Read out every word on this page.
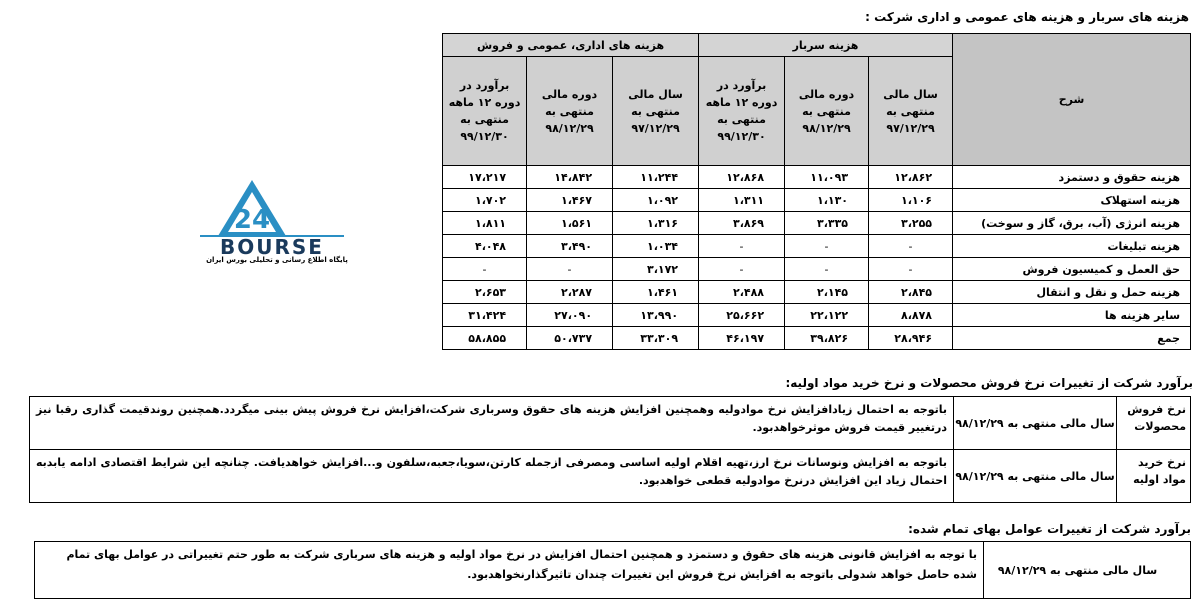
هزینه های سربار و هزینه های عمومی و اداری شرکت :
شرح	هزینه سربار			هزینه های اداری، عمومی و فروش		
	سال مالی منتهی به ۹۷/۱۲/۲۹	دوره مالی منتهی به ۹۸/۱۲/۲۹	برآورد در دوره ۱۲ ماهه منتهی به ۹۹/۱۲/۳۰	سال مالی منتهی به ۹۷/۱۲/۲۹	دوره مالی منتهی به ۹۸/۱۲/۲۹	برآورد در دوره ۱۲ ماهه منتهی به ۹۹/۱۲/۳۰
هزینه حقوق و دستمزد	۱۲،۸۶۲	۱۱،۰۹۳	۱۲،۸۶۸	۱۱،۲۴۴	۱۴،۸۴۲	۱۷،۲۱۷
هزینه استهلاک	۱،۱۰۶	۱،۱۳۰	۱،۳۱۱	۱،۰۹۲	۱،۴۶۷	۱،۷۰۲
هزینه انرژی (آب، برق، گاز و سوخت)	۳،۲۵۵	۳،۳۳۵	۳،۸۶۹	۱،۳۱۶	۱،۵۶۱	۱،۸۱۱
هزینه تبلیغات	-	-	-	۱،۰۳۴	۳،۴۹۰	۴،۰۴۸
حق العمل و کمیسیون فروش	-	-	-	۳،۱۷۲	-	-
هزینه حمل و نقل و انتقال	۲،۸۴۵	۲،۱۴۵	۲،۴۸۸	۱،۴۶۱	۲،۲۸۷	۲،۶۵۳
سایر هزینه ها	۸،۸۷۸	۲۲،۱۲۲	۲۵،۶۶۲	۱۳،۹۹۰	۲۷،۰۹۰	۳۱،۴۲۴
جمع	۲۸،۹۴۶	۳۹،۸۲۶	۴۶،۱۹۷	۳۳،۳۰۹	۵۰،۷۳۷	۵۸،۸۵۵
24
BOURSE
پایگاه اطلاع رسانی و تحلیلی بورس ایران
برآورد شرکت از تغییرات نرخ فروش محصولات و نرخ خرید مواد اولیه:
نرخ فروش محصولات	سال مالی منتهی به ۹۸/۱۲/۲۹	باتوجه به احتمال زیادافزایش نرخ موادولیه وهمچنین افزایش هزینه های حقوق وسرباری شرکت،افزایش نرخ فروش پیش بینی میگردد.همچنین روندقیمت گذاری رقبا نیز درتغییر قیمت فروش موثرخواهدبود.
نرخ خرید مواد اولیه	سال مالی منتهی به ۹۸/۱۲/۲۹	باتوجه به افزایش ونوسانات نرخ ارز،تهیه اقلام اولیه اساسی ومصرفی ازجمله کارتن،سویا،جعبه،سلفون و...افزایش خواهدیافت. چنانچه این شرایط اقتصادی ادامه یابدبه احتمال زیاد این افزایش درنرخ موادولیه قطعی خواهدبود.
برآورد شرکت از تغییرات عوامل بهای تمام شده:
سال مالی منتهی به ۹۸/۱۲/۲۹	با توجه به افزایش قانونی هزینه های حقوق و دستمزد و همچنین احتمال افزایش در نرخ مواد اولیه و هزینه های سرباری شرکت به طور حتم تغییراتی در عوامل بهای تمام شده حاصل خواهد شدولی باتوجه به افزایش نرخ فروش این تغییرات چندان تاثیرگذارنخواهدبود.
